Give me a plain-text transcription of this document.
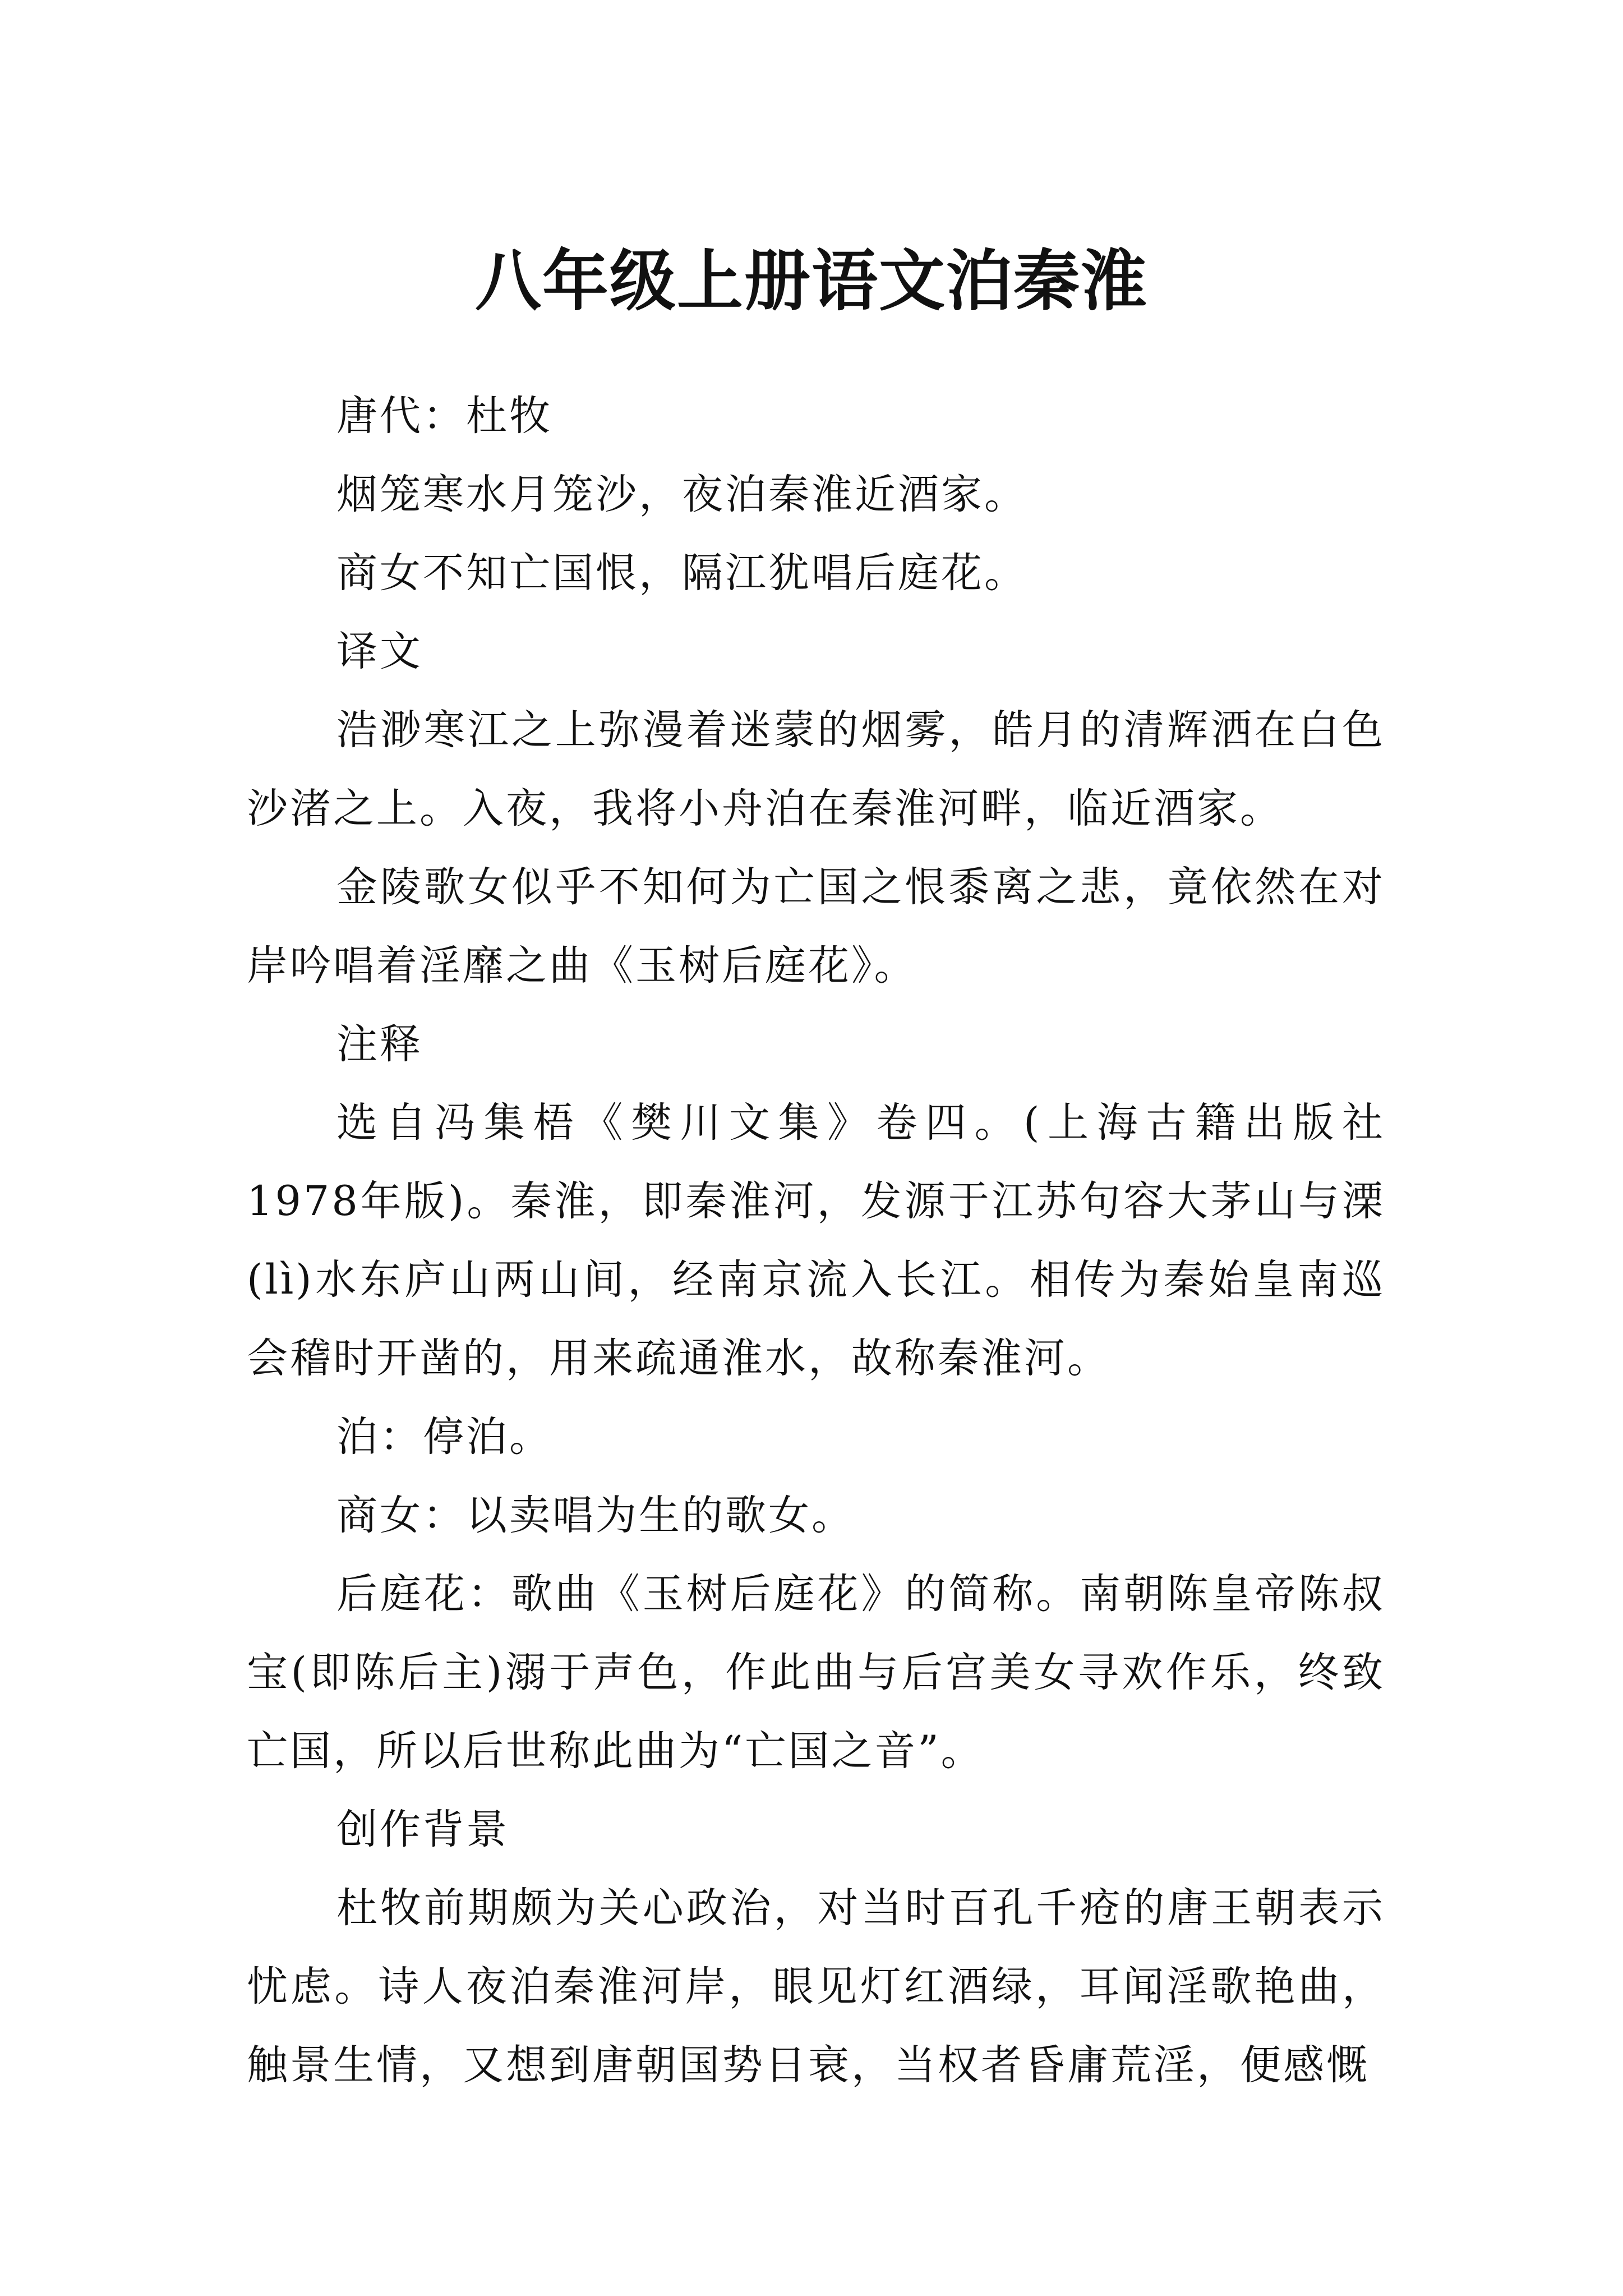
八年级上册语文泊秦淮

唐代：杜牧

烟笼寒水月笼沙，夜泊秦淮近酒家。

商女不知亡国恨，隔江犹唱后庭花。

译文

浩渺寒江之上弥漫着迷蒙的烟雾，皓月的清辉洒在白色沙渚之上。入夜，我将小舟泊在秦淮河畔，临近酒家。

金陵歌女似乎不知何为亡国之恨黍离之悲，竟依然在对岸吟唱着淫靡之曲《玉树后庭花》。

注释

选自冯集梧《樊川文集》卷四。(上海古籍出版社 1978年版)。秦淮，即秦淮河，发源于江苏句容大茅山与溧(lì)水东庐山两山间，经南京流入长江。相传为秦始皇南巡会稽时开凿的，用来疏通淮水，故称秦淮河。

泊：停泊。

商女：以卖唱为生的歌女。

后庭花：歌曲《玉树后庭花》的简称。南朝陈皇帝陈叔宝(即陈后主)溺于声色，作此曲与后宫美女寻欢作乐，终致亡国，所以后世称此曲为“亡国之音”。

创作背景

杜牧前期颇为关心政治，对当时百孔千疮的唐王朝表示忧虑。诗人夜泊秦淮河岸，眼见灯红酒绿，耳闻淫歌艳曲，触景生情，又想到唐朝国势日衰，当权者昏庸荒淫，便感慨
